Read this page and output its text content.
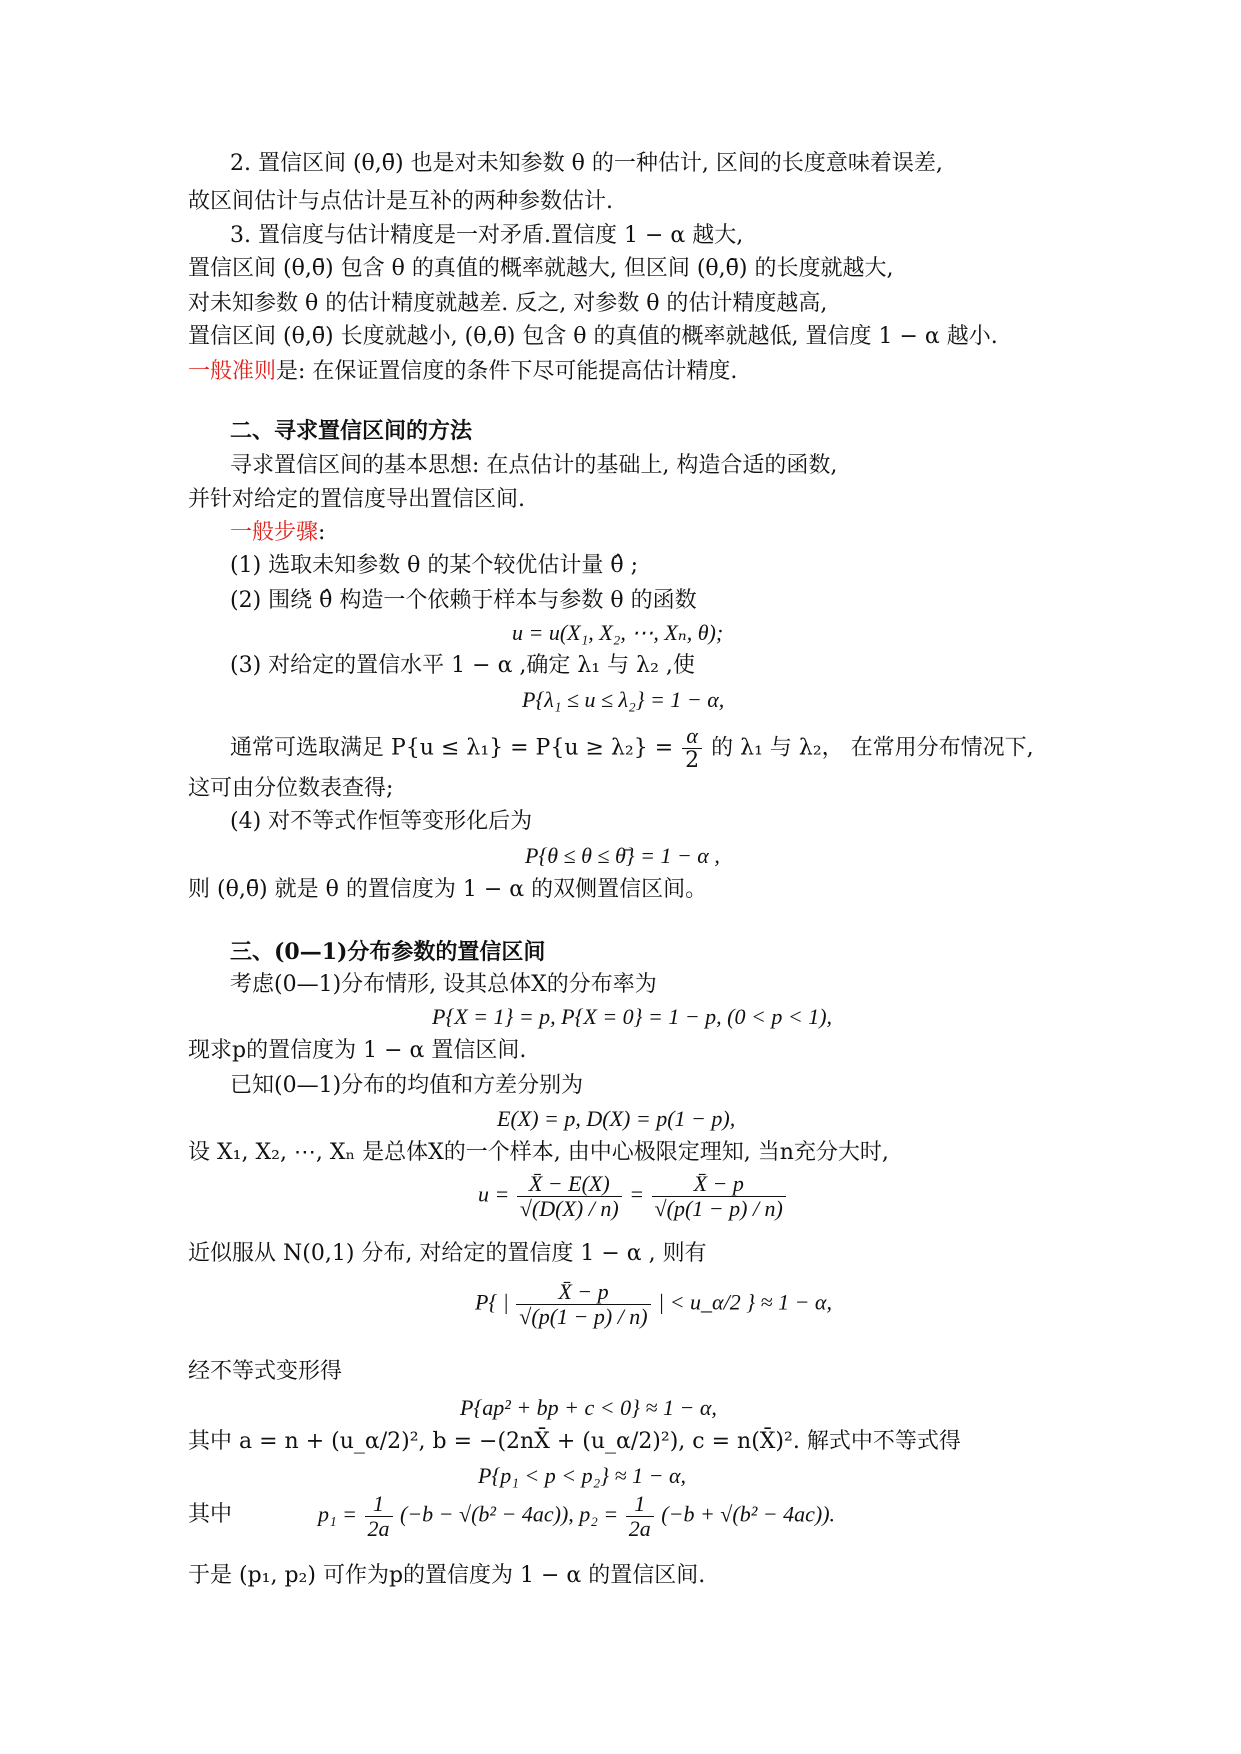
2. 置信区间 (θ,θ̄) 也是对未知参数 θ 的一种估计, 区间的长度意味着误差,
故区间估计与点估计是互补的两种参数估计.
3. 置信度与估计精度是一对矛盾.置信度 1 − α 越大,
置信区间 (θ,θ̄) 包含 θ 的真值的概率就越大, 但区间 (θ,θ̄) 的长度就越大,
对未知参数 θ 的估计精度就越差. 反之, 对参数 θ 的估计精度越高,
置信区间 (θ,θ̄) 长度就越小, (θ,θ̄) 包含 θ 的真值的概率就越低, 置信度 1 − α 越小.
一般准则是: 在保证置信度的条件下尽可能提高估计精度.
二、寻求置信区间的方法
寻求置信区间的基本思想: 在点估计的基础上, 构造合适的函数,
并针对给定的置信度导出置信区间.
一般步骤:
(1) 选取未知参数 θ 的某个较优估计量 θ̂ ;
(2) 围绕 θ̂ 构造一个依赖于样本与参数 θ 的函数
u = u(X₁, X₂, ⋯, Xₙ, θ);
(3) 对给定的置信水平 1 − α ,确定 λ₁ 与 λ₂ ,使
P{λ₁ ≤ u ≤ λ₂} = 1 − α,
通常可选取满足 $P\{u \le \lambda_1\} = P\{u \ge \lambda_2\} = \frac{\alpha}{2}$ 的 λ₁ 与 λ₂， 在常用分布情况下,
这可由分位数表查得;
(4) 对不等式作恒等变形化后为
P{θ ≤ θ ≤ θ̄} = 1 − α ,
则 (θ,θ̄) 就是 θ 的置信度为 1 − α 的双侧置信区间。
三、(0—1)分布参数的置信区间
考虑(0—1)分布情形, 设其总体X的分布率为
P{X = 1} = p, P{X = 0} = 1 − p, (0 < p < 1),
现求p的置信度为 1 − α 置信区间.
已知(0—1)分布的均值和方差分别为
E(X) = p, D(X) = p(1 − p),
设 X₁, X₂, ⋯, Xₙ 是总体X的一个样本, 由中心极限定理知, 当n充分大时,
$u = \frac{X̄ - E(X)}{√(D(X) / n)} = \frac{X̄ - p}{√(p(1 - p) / n)}$
近似服从 N(0,1) 分布, 对给定的置信度 1 − α , 则有
P{ | $\frac{X̄ - p}{√(p(1 - p) / n)}$ | < u_α/2 } ≈ 1 − α,
经不等式变形得
P{ap² + bp + c < 0} ≈ 1 − α,
其中 a = n + (u_α/2)², b = −(2nX̄ + (u_α/2)²), c = n(X̄)². 解式中不等式得
P{p₁ < p < p₂} ≈ 1 − α,
其中	$p_1 = \frac{1}{2a} (-b - √(b^2 - 4ac))$, $p_2 = \frac{1}{2a} (-b + √(b^2 - 4ac))$.
于是 (p₁, p₂) 可作为p的置信度为 1 − α 的置信区间.
